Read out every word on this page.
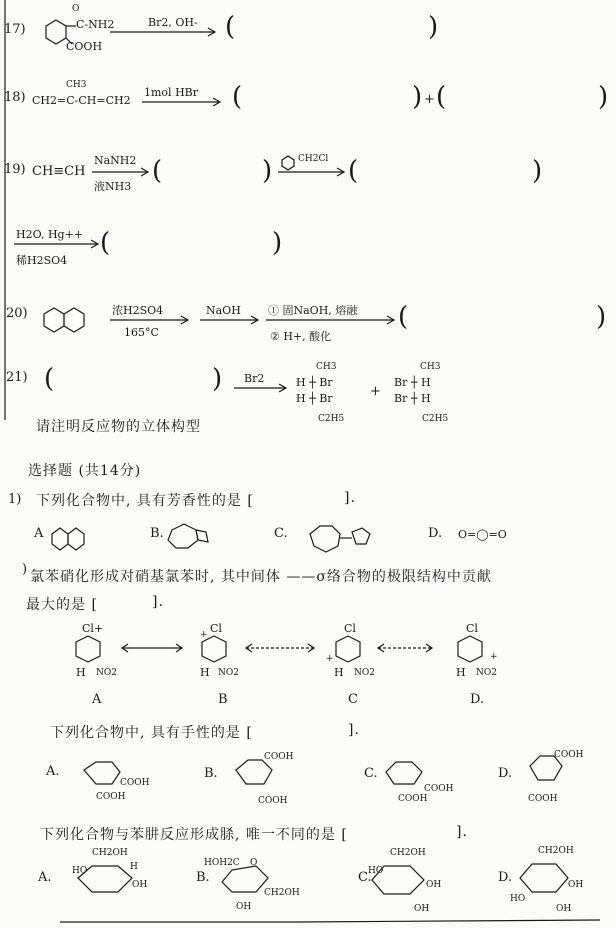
17)
O
C-NH2
COOH
Br2, OH- (	)
18)
CH3
CH2=C-CH=CH2
1mol HBr (	) + (	)
19) CH≡CH
NaNH2
液NH3
(	)	CH2Cl (	)
H2O, Hg++
稀H2SO4
(	)
20)	浓H2SO4
165°C
NaOH ① 固NaOH, 熔融
② H+, 酸化
(	)
21) (	) Br2
CH3
H ┼ Br
H ┼ Br
C2H5
+
CH3
Br ┼ H
Br ┼ H
C2H5
请注明反应物的立体构型
选择题 (共14分)
1) 下列化合物中, 具有芳香性的是 [	].
A	B.	C.	D. O=◯=O
) 氯苯硝化形成对硝基氯苯时, 其中间体 ——σ络合物的极限结构中贡献
最大的是 [	].
Cl+
H NO2
A
Cl
+
H NO2
B
Cl
+
H NO2
C
Cl
+
H NO2
D.
下列化合物中, 具有手性的是 [	].
A.
COOH
COOH
B.
COOH
COOH
C.
COOH
COOH
D.
COOH
COOH
下列化合物与苯肼反应形成脎, 唯一不同的是 [	].
A.
CH2OH
HO	H
OH	B.
HOH2C O
CH2OH
OH
C.
CH2OH
HO
OH
OH
D.
CH2OH
OH
HO
OH
